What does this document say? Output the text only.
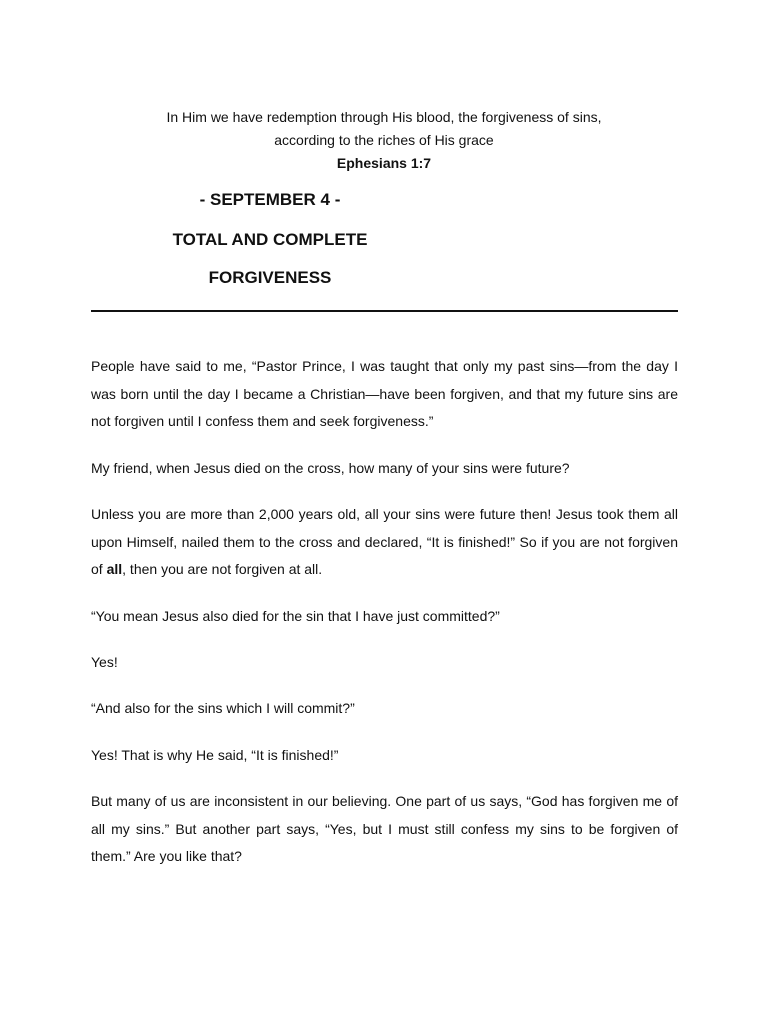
In Him we have redemption through His blood, the forgiveness of sins,
according to the riches of His grace
Ephesians 1:7
- SEPTEMBER 4 -
TOTAL AND COMPLETE
FORGIVENESS

People have said to me, “Pastor Prince, I was taught that only my past sins—from the day I was born until the day I became a Christian—have been forgiven, and that my future sins are not forgiven until I confess them and seek forgiveness.”

My friend, when Jesus died on the cross, how many of your sins were future?

Unless you are more than 2,000 years old, all your sins were future then! Jesus took them all upon Himself, nailed them to the cross and declared, “It is finished!” So if you are not forgiven of all, then you are not forgiven at all.

“You mean Jesus also died for the sin that I have just committed?”

Yes!

“And also for the sins which I will commit?”

Yes! That is why He said, “It is finished!”

But many of us are inconsistent in our believing. One part of us says, “God has forgiven me of all my sins.” But another part says, “Yes, but I must still confess my sins to be forgiven of them.” Are you like that?
